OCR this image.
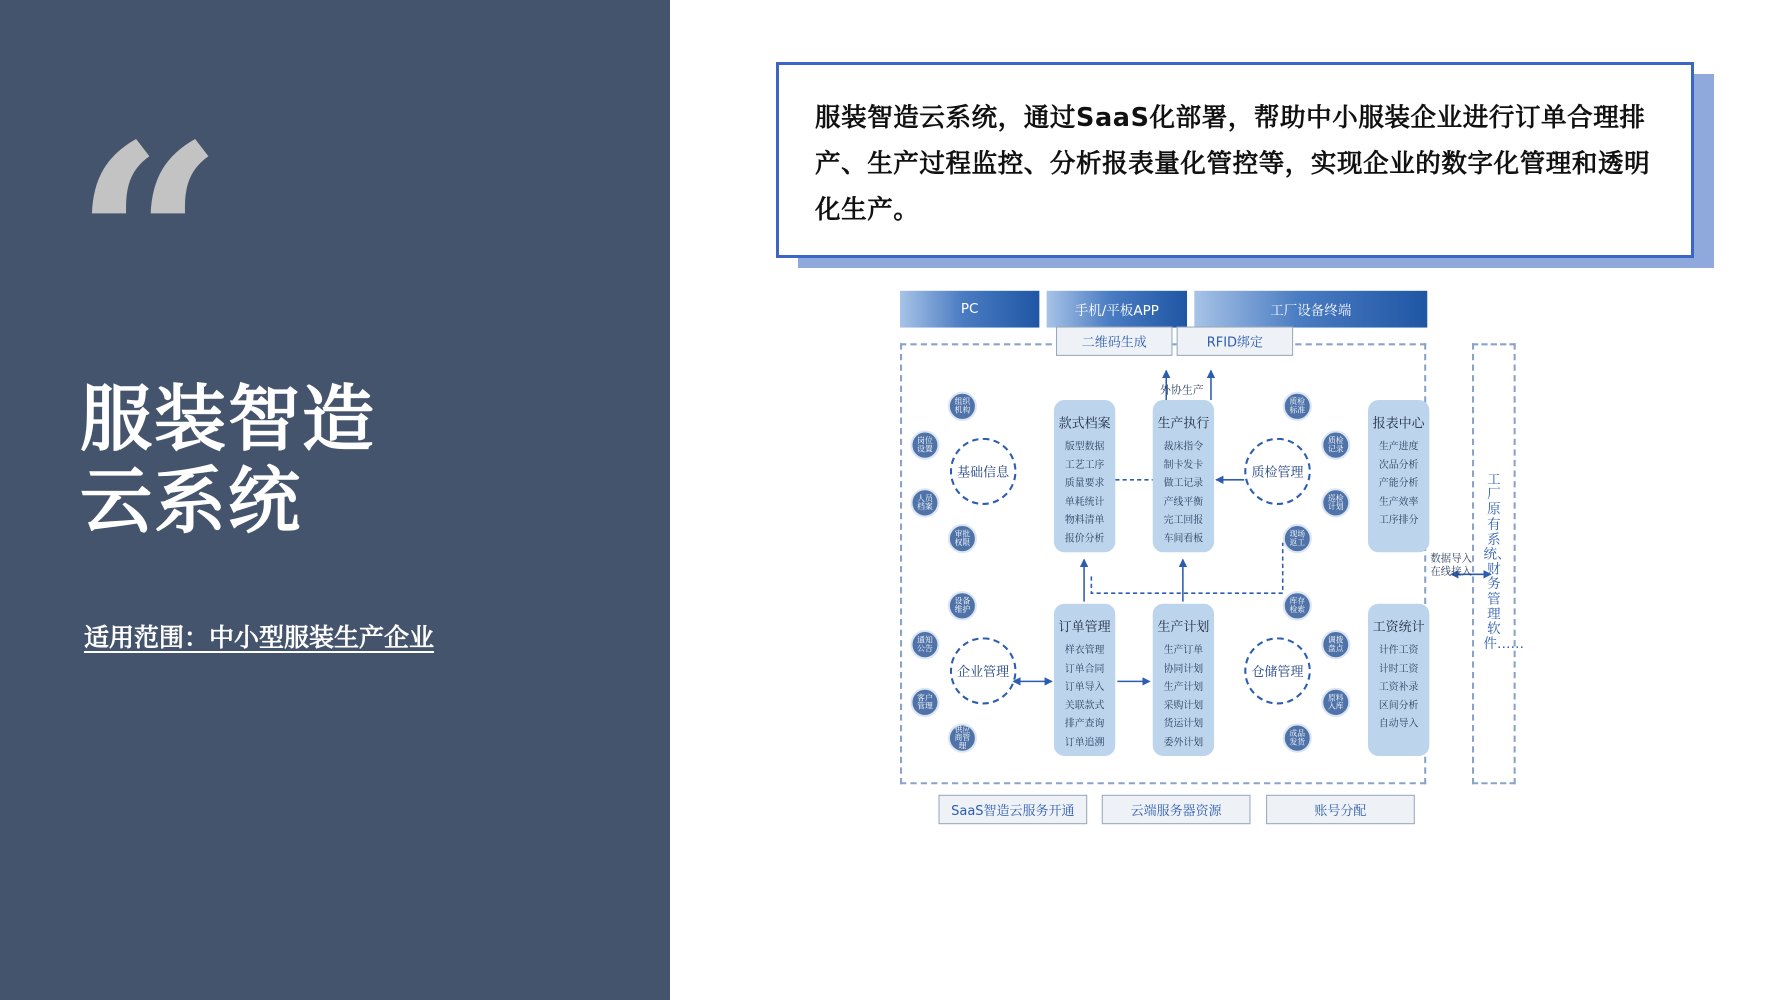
“
服装智造
云系统
适用范围：中小型服装生产企业

服装智造云系统，通过SaaS化部署，帮助中小服装企业进行订单合理排产、生产过程监控、分析报表量化管控等，实现企业的数字化管理和透明化生产。

PC	手机/平板APP	工厂设备终端
工厂原有系统、财务管理软件……
数据导入
在线接入
二维码生成	RFID绑定
外协生产
款式档案
版型数据
工艺工序
质量要求
单耗统计
物料清单
报价分析
生产执行
裁床指令
制卡发卡
做工记录
产线平衡
完工回报
车间看板
报表中心
生产进度
次品分析
产能分析
生产效率
工序排分
订单管理
样衣管理
订单合同
订单导入
关联款式
排产查询
订单追溯
生产计划
生产订单
协同计划
生产计划
采购计划
货运计划
委外计划
工资统计
计件工资
计时工资
工资补录
区间分析
自动导入
基础信息	质检管理
企业管理	仓储管理
组织机构
岗位设置
人员档案
审批权限
质检标准
质检记录
巡检计划
现场返工
设备维护
通知公告
客户管理
供应商管理
库存检索
调拨盘点
原料入库
成品发货
SaaS智造云服务开通	云端服务器资源	账号分配
